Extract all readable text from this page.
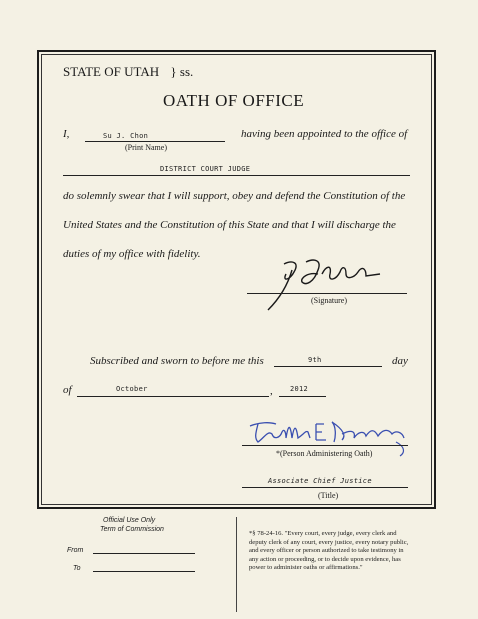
STATE OF UTAH } ss.
OATH OF OFFICE
I,	Su J. Chon
(Print Name)
having been appointed to the office of
DISTRICT COURT JUDGE
do solemnly swear that I will support, obey and defend the Constitution of the
United States and the Constitution of this State and that I will discharge the
duties of my office with fidelity.
(Signature)
Subscribed and sworn to before me this	9th	day
of	October	, 2012
*(Person Administering Oath)
Associate Chief Justice
(Title)
Official Use Only
Term of Commission
From
To
*§ 78-24-16. "Every court, every judge, every clerk and
deputy clerk of any court, every justice, every notary public,
and every officer or person authorized to take testimony in
any action or proceeding, or to decide upon evidence, has
power to administer oaths or affirmations."
